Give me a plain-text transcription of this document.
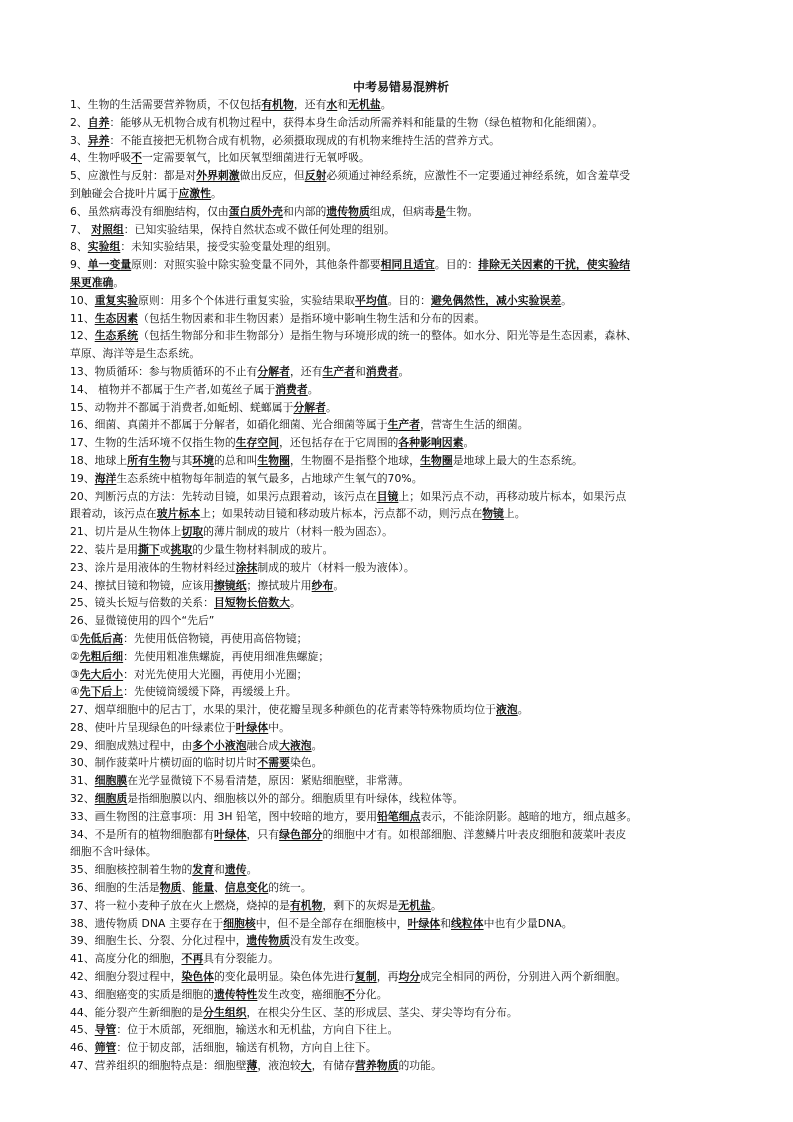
中考易错易混辨析
1、生物的生活需要营养物质，不仅包括有机物，还有水和无机盐。
2、自养：能够从无机物合成有机物过程中，获得本身生命活动所需养料和能量的生物（绿色植物和化能细菌）。
3、异养：不能直接把无机物合成有机物，必须摄取现成的有机物来维持生活的营养方式。
4、生物呼吸不一定需要氧气，比如厌氧型细菌进行无氧呼吸。
5、应激性与反射：都是对外界刺激做出反应，但反射必须通过神经系统，应激性不一定要通过神经系统，如含羞草受
到触碰会合拢叶片属于应激性。
6、虽然病毒没有细胞结构，仅由蛋白质外壳和内部的遗传物质组成，但病毒是生物。
7、 对照组：已知实验结果，保持自然状态或不做任何处理的组别。
8、实验组：未知实验结果，接受实验变量处理的组别。
9、单一变量原则：对照实验中除实验变量不同外，其他条件都要相同且适宜。目的：排除无关因素的干扰，使实验结
果更准确。
10、重复实验原则：用多个个体进行重复实验，实验结果取平均值。目的：避免偶然性，减小实验误差。
11、生态因素（包括生物因素和非生物因素）是指环境中影响生物生活和分布的因素。
12、生态系统（包括生物部分和非生物部分）是指生物与环境形成的统一的整体。如水分、阳光等是生态因素，森林、
草原、海洋等是生态系统。
13、物质循环：参与物质循环的不止有分解者，还有生产者和消费者。
14、 植物并不都属于生产者,如菟丝子属于消费者。
15、动物并不都属于消费者,如蚯蚓、蜣螂属于分解者。
16、细菌、真菌并不都属于分解者，如硝化细菌、光合细菌等属于生产者，营寄生生活的细菌。
17、生物的生活环境不仅指生物的生存空间，还包括存在于它周围的各种影响因素。
18、地球上所有生物与其环境的总和叫生物圈，生物圈不是指整个地球，生物圈是地球上最大的生态系统。
19、海洋生态系统中植物每年制造的氧气最多，占地球产生氧气的70%。
20、判断污点的方法：先转动目镜，如果污点跟着动，该污点在目镜上；如果污点不动，再移动玻片标本，如果污点
跟着动，该污点在玻片标本上；如果转动目镜和移动玻片标本，污点都不动，则污点在物镜上。
21、切片是从生物体上切取的薄片制成的玻片（材料一般为固态）。
22、装片是用撕下或挑取的少量生物材料制成的玻片。
23、涂片是用液体的生物材料经过涂抹制成的玻片（材料一般为液体）。
24、擦拭目镜和物镜，应该用擦镜纸；擦拭玻片用纱布。
25、镜头长短与倍数的关系：目短物长倍数大。
26、显微镜使用的四个“先后”
①先低后高：先使用低倍物镜，再使用高倍物镜；
②先粗后细：先使用粗准焦螺旋，再使用细准焦螺旋；
③先大后小：对光先使用大光圈，再使用小光圈；
④先下后上：先使镜筒缓缓下降，再缓缓上升。
27、烟草细胞中的尼古丁，水果的果汁，使花瓣呈现多种颜色的花青素等特殊物质均位于液泡。
28、使叶片呈现绿色的叶绿素位于叶绿体中。
29、细胞成熟过程中，由多个小液泡融合成大液泡。
30、制作菠菜叶片横切面的临时切片时不需要染色。
31、细胞膜在光学显微镜下不易看清楚，原因：紧贴细胞壁，非常薄。
32、细胞质是指细胞膜以内、细胞核以外的部分。细胞质里有叶绿体，线粒体等。
33、画生物图的注意事项：用 3H 铅笔，图中较暗的地方，要用铅笔细点表示，不能涂阴影。越暗的地方，细点越多。
34、不是所有的植物细胞都有叶绿体，只有绿色部分的细胞中才有。如根部细胞、洋葱鳞片叶表皮细胞和菠菜叶表皮
细胞不含叶绿体。
35、细胞核控制着生物的发育和遗传。
36、细胞的生活是物质、能量、信息变化的统一。
37、将一粒小麦种子放在火上燃烧，烧掉的是有机物，剩下的灰烬是无机盐。
38、遗传物质 DNA 主要存在于细胞核中，但不是全部存在细胞核中，叶绿体和线粒体中也有少量DNA。
39、细胞生长、分裂、分化过程中，遗传物质没有发生改变。
41、高度分化的细胞，不再具有分裂能力。
42、细胞分裂过程中，染色体的变化最明显。染色体先进行复制，再均分成完全相同的两份，分别进入两个新细胞。
43、细胞癌变的实质是细胞的遗传特性发生改变，癌细胞不分化。
44、能分裂产生新细胞的是分生组织，在根尖分生区、茎的形成层、茎尖、芽尖等均有分布。
45、导管：位于木质部，死细胞，输送水和无机盐，方向自下往上。
46、筛管：位于韧皮部，活细胞，输送有机物，方向自上往下。
47、营养组织的细胞特点是：细胞壁薄，液泡较大，有储存营养物质的功能。
